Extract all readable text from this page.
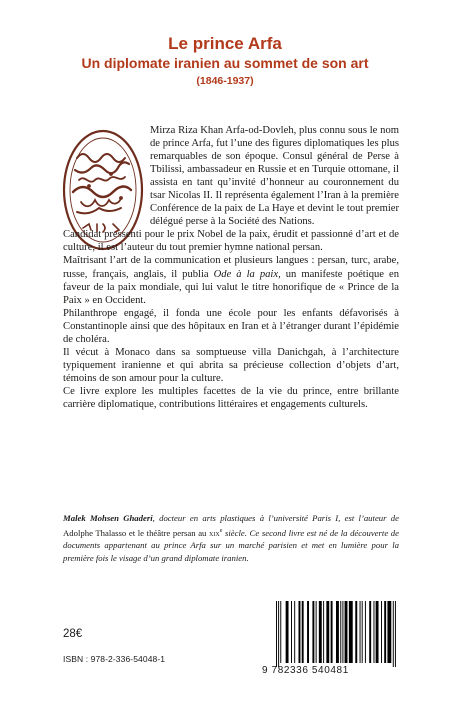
Le prince Arfa
Un diplomate iranien au sommet de son art
(1846-1937)

Mirza Riza Khan Arfa-od-Dovleh, plus connu sous le nom de prince Arfa, fut l’une des figures diplomatiques les plus remarquables de son époque. Consul général de Perse à Tbilissi, ambassadeur en Russie et en Turquie ottomane, il assista en tant qu’invité d’honneur au couronnement du tsar Nicolas II. Il représenta également l’Iran à la première Conférence de la paix de La Haye et devint le tout premier délégué perse à la Société des Nations.

Candidat pressenti pour le prix Nobel de la paix, érudit et passionné d’art et de culture, il est l’auteur du tout premier hymne national persan.

Maîtrisant l’art de la communication et plusieurs langues : persan, turc, arabe, russe, français, anglais, il publia Ode à la paix, un manifeste poétique en faveur de la paix mondiale, qui lui valut le titre honorifique de « Prince de la Paix » en Occident.

Philanthrope engagé, il fonda une école pour les enfants défavorisés à Constantinople ainsi que des hôpitaux en Iran et à l’étranger durant l’épidémie de choléra.

Il vécut à Monaco dans sa somptueuse villa Danichgah, à l’architecture typiquement iranienne et qui abrita sa précieuse collection d’objets d’art, témoins de son amour pour la culture.

Ce livre explore les multiples facettes de la vie du prince, entre brillante carrière diplomatique, contributions littéraires et engagements culturels.

Malek Mohsen Ghaderi, docteur en arts plastiques à l’université Paris I, est l’auteur de Adolphe Thalasso et le théâtre persan au xix$^e$ siècle. Ce second livre est né de la découverte de documents appartenant au prince Arfa sur un marché parisien et met en lumière pour la première fois le visage d’un grand diplomate iranien.

28€
ISBN : 978-2-336-54048-1
9 782336 540481
